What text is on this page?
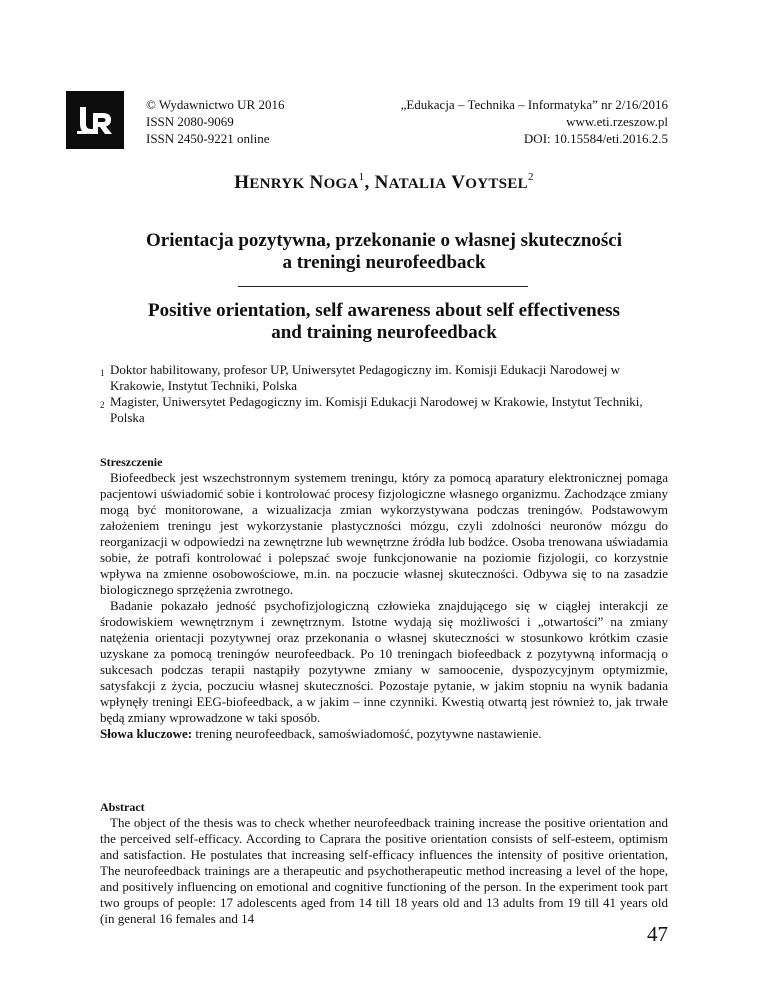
© Wydawnictwo UR 2016
ISSN 2080-9069
ISSN 2450-9221 online
„Edukacja – Technika – Informatyka” nr 2/16/2016
www.eti.rzeszow.pl
DOI: 10.15584/eti.2016.2.5
HENRYK NOGA$^1$, NATALIA VOYTSEL$^2$
Orientacja pozytywna, przekonanie o własnej skuteczności
a treningi neurofeedback
Positive orientation, self awareness about self effectiveness
and training neurofeedback

1 Doktor habilitowany, profesor UP, Uniwersytet Pedagogiczny im. Komisji Edukacji Narodowej w Krakowie, Instytut Techniki, Polska

2 Magister, Uniwersytet Pedagogiczny im. Komisji Edukacji Narodowej w Krakowie, Instytut Techniki, Polska

Streszczenie

Biofeedbeck jest wszechstronnym systemem treningu, który za pomocą aparatury elektronicznej pomaga pacjentowi uświadomić sobie i kontrolować procesy fizjologiczne własnego organizmu. Zachodzące zmiany mogą być monitorowane, a wizualizacja zmian wykorzystywana podczas treningów. Podstawowym założeniem treningu jest wykorzystanie plastyczności mózgu, czyli zdolności neuronów mózgu do reorganizacji w odpowiedzi na zewnętrzne lub wewnętrzne źródła lub bodźce. Osoba trenowana uświadamia sobie, że potrafi kontrolować i polepszać swoje funkcjonowanie na poziomie fizjologii, co korzystnie wpływa na zmienne osobowościowe, m.in. na poczucie własnej skuteczności. Odbywa się to na zasadzie biologicznego sprzężenia zwrotnego.

Badanie pokazało jedność psychofizjologiczną człowieka znajdującego się w ciągłej interakcji ze środowiskiem wewnętrznym i zewnętrznym. Istotne wydają się możliwości i „otwartości” na zmiany natężenia orientacji pozytywnej oraz przekonania o własnej skuteczności w stosunkowo krótkim czasie uzyskane za pomocą treningów neurofeedback. Po 10 treningach biofeedback z pozytywną informacją o sukcesach podczas terapii nastąpiły pozytywne zmiany w samoocenie, dyspozycyjnym optymizmie, satysfakcji z życia, poczuciu własnej skuteczności. Pozostaje pytanie, w jakim stopniu na wynik badania wpłynęły treningi EEG-biofeedback, a w jakim – inne czynniki. Kwestią otwartą jest również to, jak trwałe będą zmiany wprowadzone w taki sposób.

Słowa kluczowe: trening neurofeedback, samoświadomość, pozytywne nastawienie.

Abstract

The object of the thesis was to check whether neurofeedback training increase the positive orientation and the perceived self-efficacy. According to Caprara the positive orientation consists of self-esteem, optimism and satisfaction. He postulates that increasing self-efficacy influences the intensity of positive orientation, The neurofeedback trainings are a therapeutic and psychotherapeutic method increasing a level of the hope, and positively influencing on emotional and cognitive functioning of the person. In the experiment took part two groups of people: 17 adolescents aged from 14 till 18 years old and 13 adults from 19 till 41 years old (in general 16 females and 14

47
